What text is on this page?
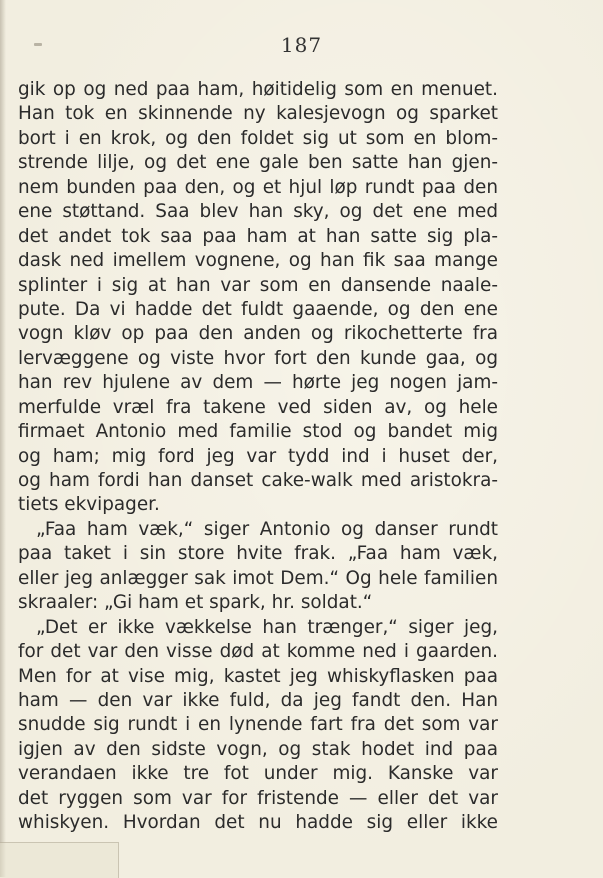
187
gik op og ned paa ham, høitidelig som en menuet.
Han tok en skinnende ny kalesjevogn og sparket
bort i en krok, og den foldet sig ut som en blom-
strende lilje, og det ene gale ben satte han gjen-
nem bunden paa den, og et hjul løp rundt paa den
ene støttand. Saa blev han sky, og det ene med
det andet tok saa paa ham at han satte sig pla-
dask ned imellem vognene, og han fik saa mange
splinter i sig at han var som en dansende naale-
pute. Da vi hadde det fuldt gaaende, og den ene
vogn kløv op paa den anden og rikochetterte fra
lervæggene og viste hvor fort den kunde gaa, og
han rev hjulene av dem — hørte jeg nogen jam-
merfulde vræl fra takene ved siden av, og hele
firmaet Antonio med familie stod og bandet mig
og ham; mig ford jeg var tydd ind i huset der,
og ham fordi han danset cake-walk med aristokra-
tiets ekvipager.
„Faa ham væk,“ siger Antonio og danser rundt
paa taket i sin store hvite frak. „Faa ham væk,
eller jeg anlægger sak imot Dem.“ Og hele familien
skraaler: „Gi ham et spark, hr. soldat.“
„Det er ikke vækkelse han trænger,“ siger jeg,
for det var den visse død at komme ned i gaarden.
Men for at vise mig, kastet jeg whiskyflasken paa
ham — den var ikke fuld, da jeg fandt den. Han
snudde sig rundt i en lynende fart fra det som var
igjen av den sidste vogn, og stak hodet ind paa
verandaen ikke tre fot under mig. Kanske var
det ryggen som var for fristende — eller det var
whiskyen. Hvordan det nu hadde sig eller ikke
